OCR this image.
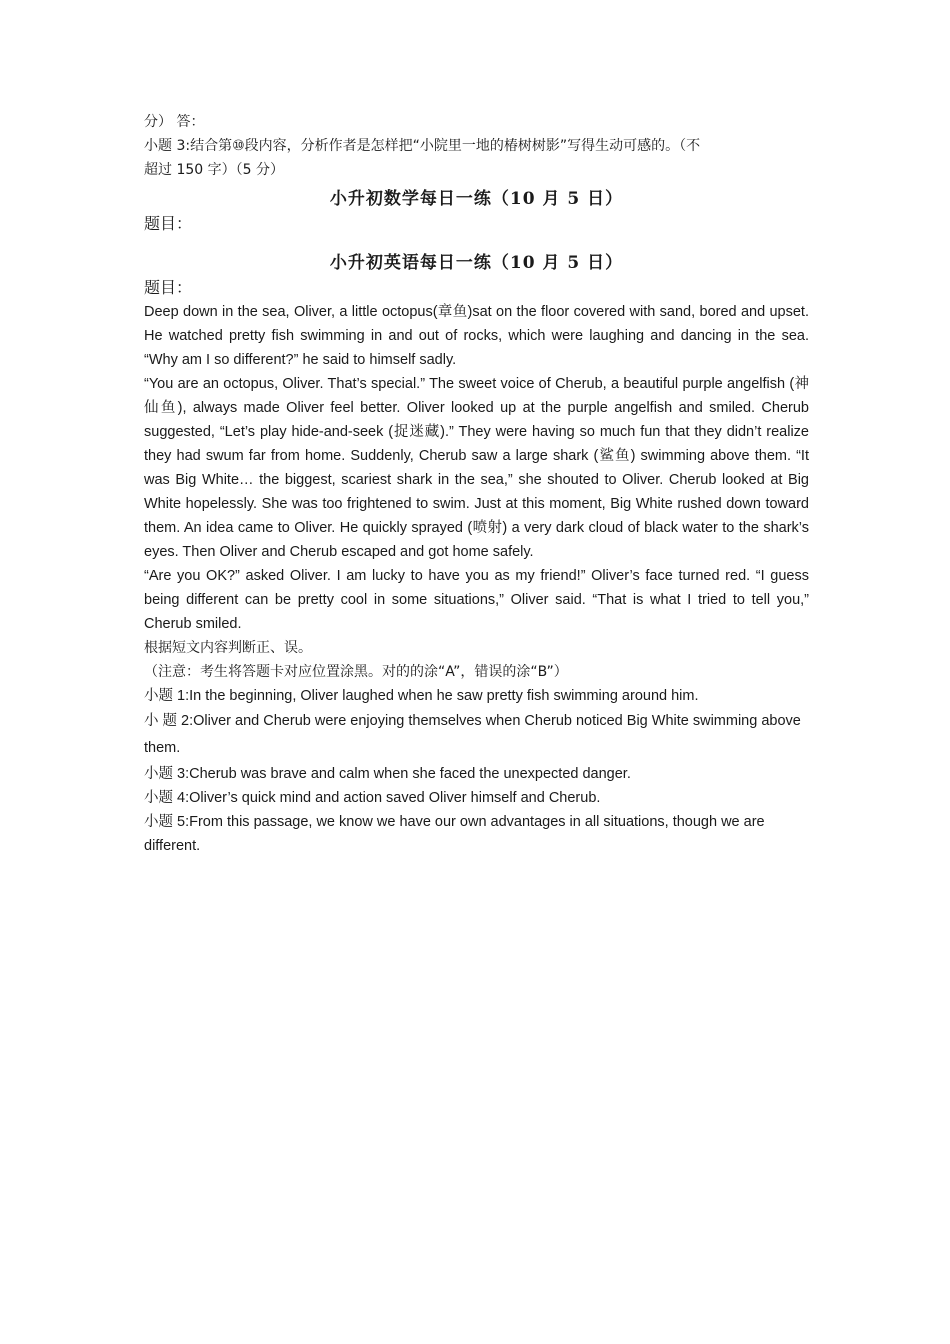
分） 答：

小题 3:结合第⑩段内容，分析作者是怎样把“小院里一地的椿树树影”写得生动可感的。（不

超过 150 字）（5 分）

小升初数学每日一练（10 月 5 日）

题目：

小升初英语每日一练（10 月 5 日）

题目：

Deep down in the sea, Oliver, a little octopus(章鱼)sat on the floor covered with sand, bored and upset. He watched pretty fish swimming in and out of rocks, which were laughing and dancing in the sea. “Why am I so different?” he said to himself sadly.

“You are an octopus, Oliver. That’s special.” The sweet voice of Cherub, a beautiful purple angelfish (神仙鱼), always made Oliver feel better. Oliver looked up at the purple angelfish and smiled. Cherub suggested, “Let’s play hide-and-seek (捉迷藏).” They were having so much fun that they didn’t realize they had swum far from home. Suddenly, Cherub saw a large shark (鲨鱼) swimming above them. “It was Big White… the biggest, scariest shark in the sea,” she shouted to Oliver. Cherub looked at Big White hopelessly. She was too frightened to swim. Just at this moment, Big White rushed down toward them. An idea came to Oliver. He quickly sprayed (喷射) a very dark cloud of black water to the shark’s eyes. Then Oliver and Cherub escaped and got home safely.

“Are you OK?” asked Oliver. I am lucky to have you as my friend!” Oliver’s face turned red. “I guess being different can be pretty cool in some situations,” Oliver said. “That is what I tried to tell you,” Cherub smiled.

根据短文内容判断正、误。

（注意：考生将答题卡对应位置涂黑。对的的涂“A”，错误的涂“B”）

小题 1:In the beginning, Oliver laughed when he saw pretty fish swimming around him.

小 题 2:Oliver and Cherub were enjoying themselves when Cherub noticed Big White swimming above them.

小题 3:Cherub was brave and calm when she faced the unexpected danger.

小题 4:Oliver’s quick mind and action saved Oliver himself and Cherub.

小题 5:From this passage, we know we have our own advantages in all situations, though we are different.
